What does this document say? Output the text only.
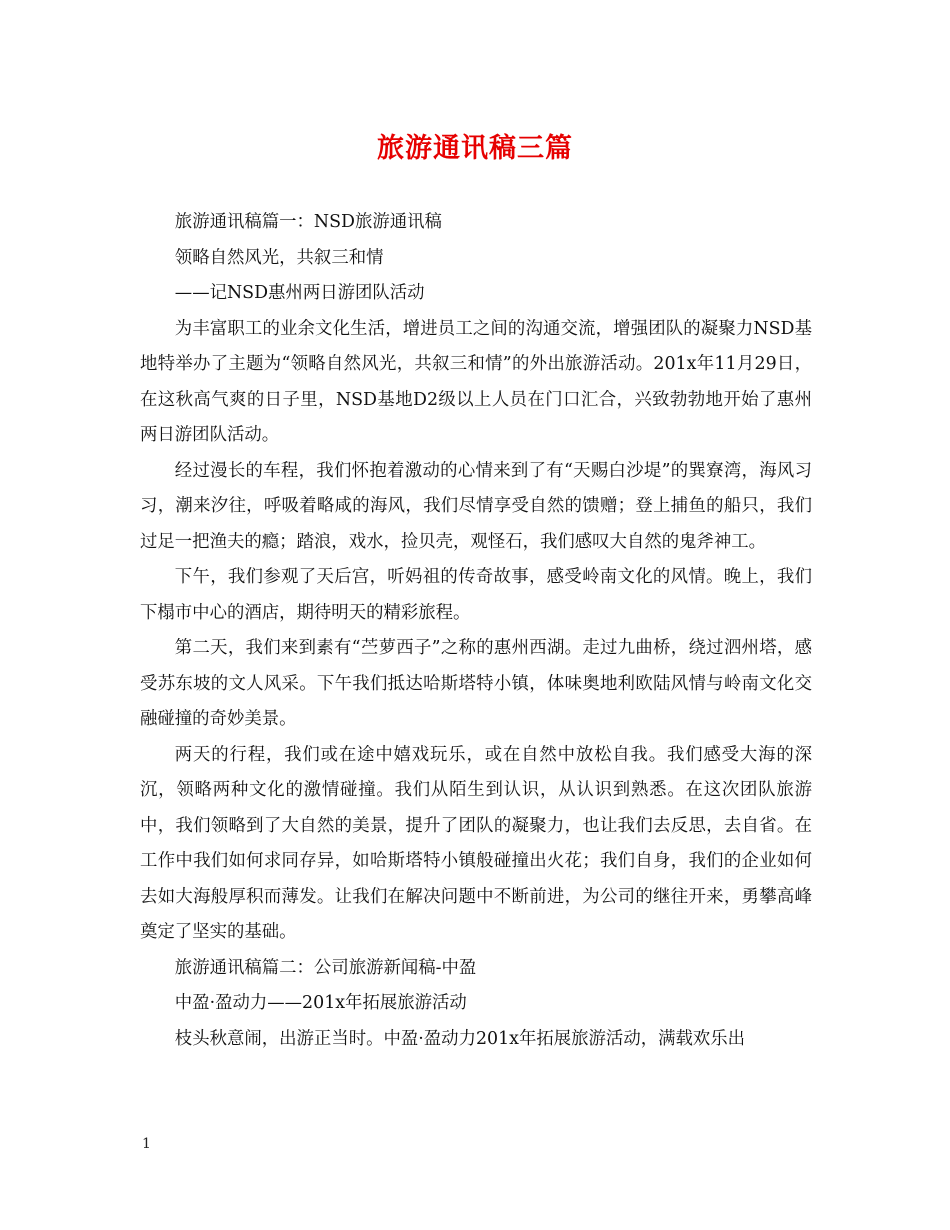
旅游通讯稿三篇

旅游通讯稿篇一：NSD旅游通讯稿

领略自然风光，共叙三和情

——记NSD惠州两日游团队活动

为丰富职工的业余文化生活，增进员工之间的沟通交流，增强团队的凝聚力NSD基地特举办了主题为“领略自然风光，共叙三和情”的外出旅游活动。201x年11月29日，在这秋高气爽的日子里，NSD基地D2级以上人员在门口汇合，兴致勃勃地开始了惠州两日游团队活动。

经过漫长的车程，我们怀抱着激动的心情来到了有“天赐白沙堤”的巽寮湾，海风习习，潮来汐往，呼吸着略咸的海风，我们尽情享受自然的馈赠；登上捕鱼的船只，我们过足一把渔夫的瘾；踏浪，戏水，捡贝壳，观怪石，我们感叹大自然的鬼斧神工。

下午，我们参观了天后宫，听妈祖的传奇故事，感受岭南文化的风情。晚上，我们下榻市中心的酒店，期待明天的精彩旅程。

第二天，我们来到素有“苎萝西子”之称的惠州西湖。走过九曲桥，绕过泗州塔，感受苏东坡的文人风采。下午我们抵达哈斯塔特小镇，体味奥地利欧陆风情与岭南文化交融碰撞的奇妙美景。

两天的行程，我们或在途中嬉戏玩乐，或在自然中放松自我。我们感受大海的深沉，领略两种文化的激情碰撞。我们从陌生到认识，从认识到熟悉。在这次团队旅游中，我们领略到了大自然的美景，提升了团队的凝聚力，也让我们去反思，去自省。在工作中我们如何求同存异，如哈斯塔特小镇般碰撞出火花；我们自身，我们的企业如何去如大海般厚积而薄发。让我们在解决问题中不断前进，为公司的继往开来，勇攀高峰奠定了坚实的基础。

旅游通讯稿篇二：公司旅游新闻稿-中盈

中盈·盈动力——201x年拓展旅游活动

枝头秋意闹，出游正当时。中盈·盈动力201x年拓展旅游活动，满载欢乐出

1
